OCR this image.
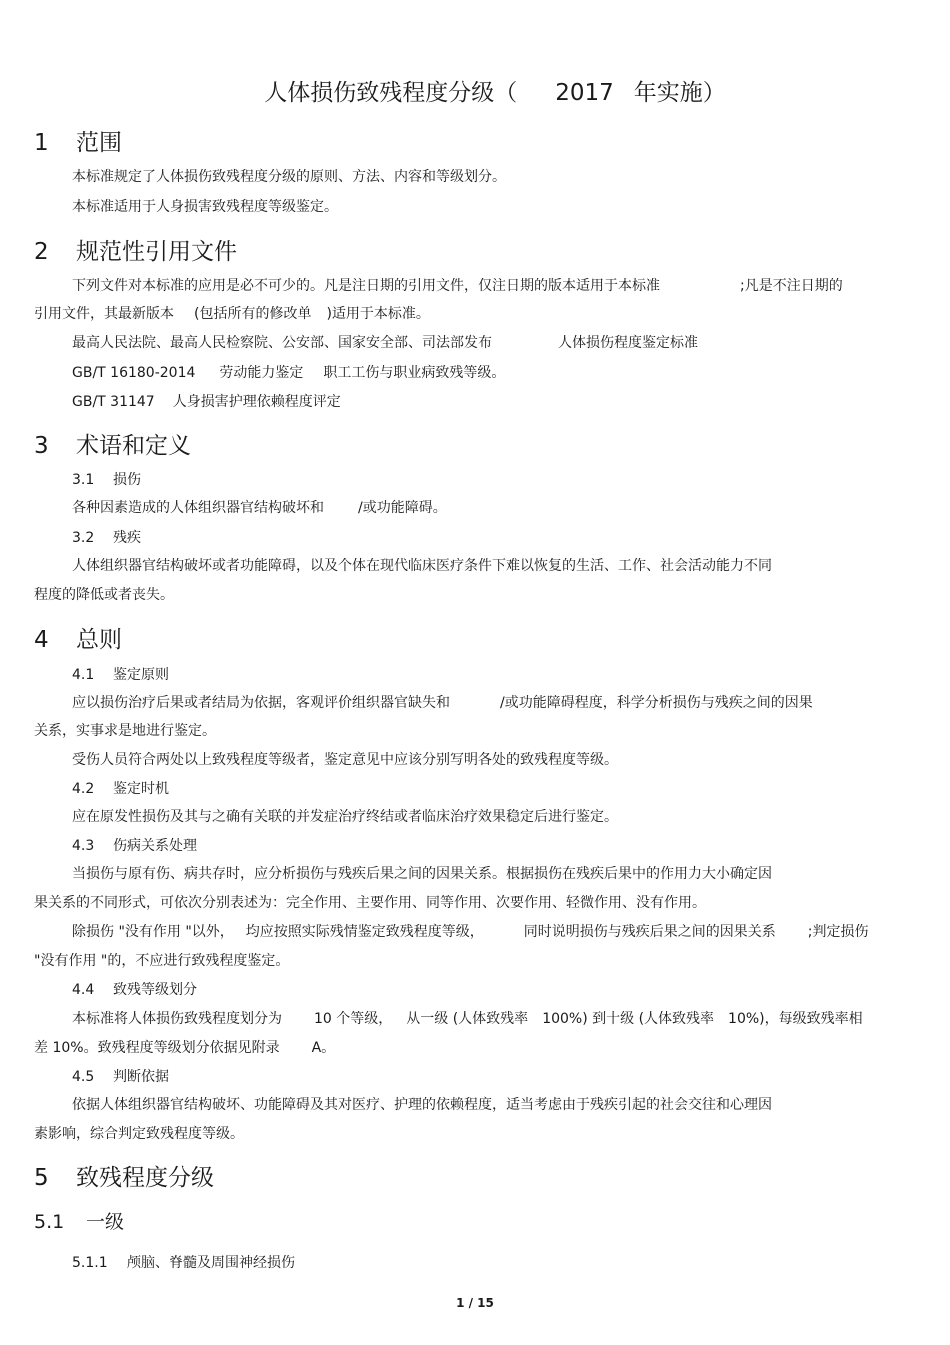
人体损伤致残程度分级（ 2017 年实施）
1 范围
本标准规定了人体损伤致残程度分级的原则、方法、内容和等级划分。
本标准适用于人身损害致残程度等级鉴定。
2 规范性引用文件
下列文件对本标准的应用是必不可少的。凡是注日期的引用文件，仅注日期的版本适用于本标准	;凡是不注日期的
引用文件，其最新版本 (包括所有的修改单 )适用于本标准。
最高人民法院、最高人民检察院、公安部、国家安全部、司法部发布	人体损伤程度鉴定标准
GB/T 16180-2014 劳动能力鉴定 职工工伤与职业病致残等级。
GB/T 31147 人身损害护理依赖程度评定
3 术语和定义
3.1 损伤
各种因素造成的人体组织器官结构破坏和 /或功能障碍。
3.2 残疾
人体组织器官结构破坏或者功能障碍，以及个体在现代临床医疗条件下难以恢复的生活、工作、社会活动能力不同
程度的降低或者丧失。
4 总则
4.1 鉴定原则
应以损伤治疗后果或者结局为依据，客观评价组织器官缺失和	/或功能障碍程度，科学分析损伤与残疾之间的因果
关系，实事求是地进行鉴定。
受伤人员符合两处以上致残程度等级者，鉴定意见中应该分别写明各处的致残程度等级。
4.2 鉴定时机
应在原发性损伤及其与之确有关联的并发症治疗终结或者临床治疗效果稳定后进行鉴定。
4.3 伤病关系处理
当损伤与原有伤、病共存时，应分析损伤与残疾后果之间的因果关系。根据损伤在残疾后果中的作用力大小确定因
果关系的不同形式，可依次分别表述为：完全作用、主要作用、同等作用、次要作用、轻微作用、没有作用。
除损伤 "没有作用 "以外， 均应按照实际残情鉴定致残程度等级，	同时说明损伤与残疾后果之间的因果关系 ;判定损伤
"没有作用 "的，不应进行致残程度鉴定。
4.4 致残等级划分
本标准将人体损伤致残程度划分为 10 个等级， 从一级 (人体致残率 100%) 到十级 (人体致残率 10%)，每级致残率相
差 10%。致残程度等级划分依据见附录 A。
4.5 判断依据
依据人体组织器官结构破坏、功能障碍及其对医疗、护理的依赖程度，适当考虑由于残疾引起的社会交往和心理因
素影响，综合判定致残程度等级。
5 致残程度分级
5.1 一级
5.1.1 颅脑、脊髓及周围神经损伤
1 / 15
